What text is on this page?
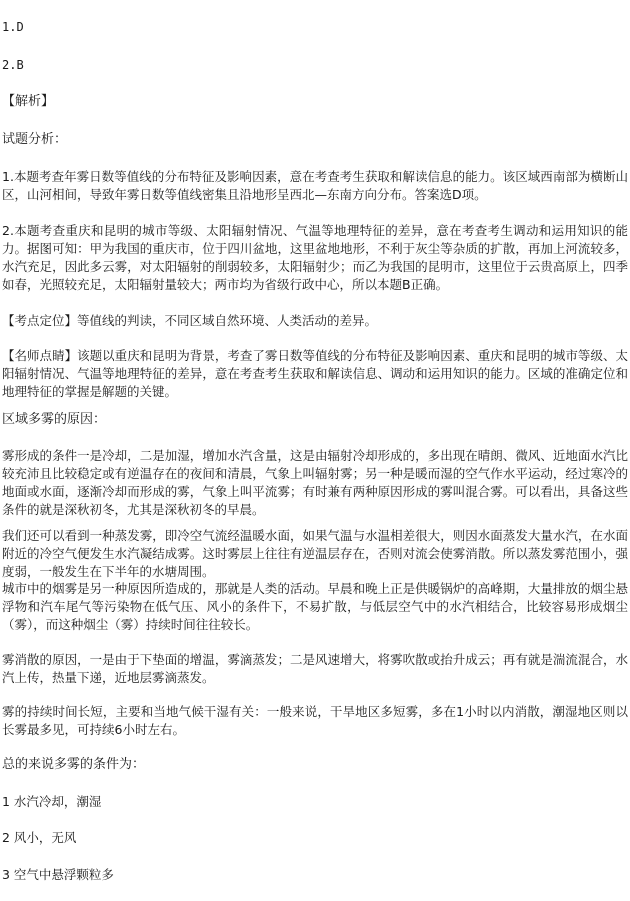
1.D

2.B

【解析】

试题分析：

1.本题考查年雾日数等值线的分布特征及影响因素，意在考查考生获取和解读信息的能力。该区域西南部为横断山区，山河相间，导致年雾日数等值线密集且沿地形呈西北—东南方向分布。答案选D项。

2.本题考查重庆和昆明的城市等级、太阳辐射情况、气温等地理特征的差异，意在考查考生调动和运用知识的能力。据图可知：甲为我国的重庆市，位于四川盆地，这里盆地地形，不利于灰尘等杂质的扩散，再加上河流较多，水汽充足，因此多云雾，对太阳辐射的削弱较多，太阳辐射少；而乙为我国的昆明市，这里位于云贵高原上，四季如春，光照较充足，太阳辐射量较大；两市均为省级行政中心，所以本题B正确。

【考点定位】等值线的判读，不同区域自然环境、人类活动的差异。

【名师点睛】该题以重庆和昆明为背景，考查了雾日数等值线的分布特征及影响因素、重庆和昆明的城市等级、太阳辐射情况、气温等地理特征的差异，意在考查考生获取和解读信息、调动和运用知识的能力。区域的准确定位和地理特征的掌握是解题的关键。

区域多雾的原因：

雾形成的条件一是冷却，二是加湿，增加水汽含量，这是由辐射冷却形成的，多出现在晴朗、微风、近地面水汽比较充沛且比较稳定或有逆温存在的夜间和清晨，气象上叫辐射雾；另一种是暖而湿的空气作水平运动，经过寒冷的地面或水面，逐渐冷却而形成的雾，气象上叫平流雾；有时兼有两种原因形成的雾叫混合雾。可以看出，具备这些条件的就是深秋初冬，尤其是深秋初冬的早晨。

我们还可以看到一种蒸发雾，即冷空气流经温暖水面，如果气温与水温相差很大，则因水面蒸发大量水汽，在水面附近的冷空气便发生水汽凝结成雾。这时雾层上往往有逆温层存在，否则对流会使雾消散。所以蒸发雾范围小，强度弱，一般发生在下半年的水塘周围。

城市中的烟雾是另一种原因所造成的，那就是人类的活动。早晨和晚上正是供暖锅炉的高峰期，大量排放的烟尘悬浮物和汽车尾气等污染物在低气压、风小的条件下，不易扩散，与低层空气中的水汽相结合，比较容易形成烟尘（雾），而这种烟尘（雾）持续时间往往较长。

雾消散的原因，一是由于下垫面的增温，雾滴蒸发；二是风速增大，将雾吹散或抬升成云；再有就是湍流混合，水汽上传，热量下递，近地层雾滴蒸发。

雾的持续时间长短，主要和当地气候干湿有关：一般来说，干旱地区多短雾，多在1小时以内消散，潮湿地区则以长雾最多见，可持续6小时左右。

总的来说多雾的条件为：

1 水汽冷却，潮湿

2 风小，无风

3 空气中悬浮颗粒多
